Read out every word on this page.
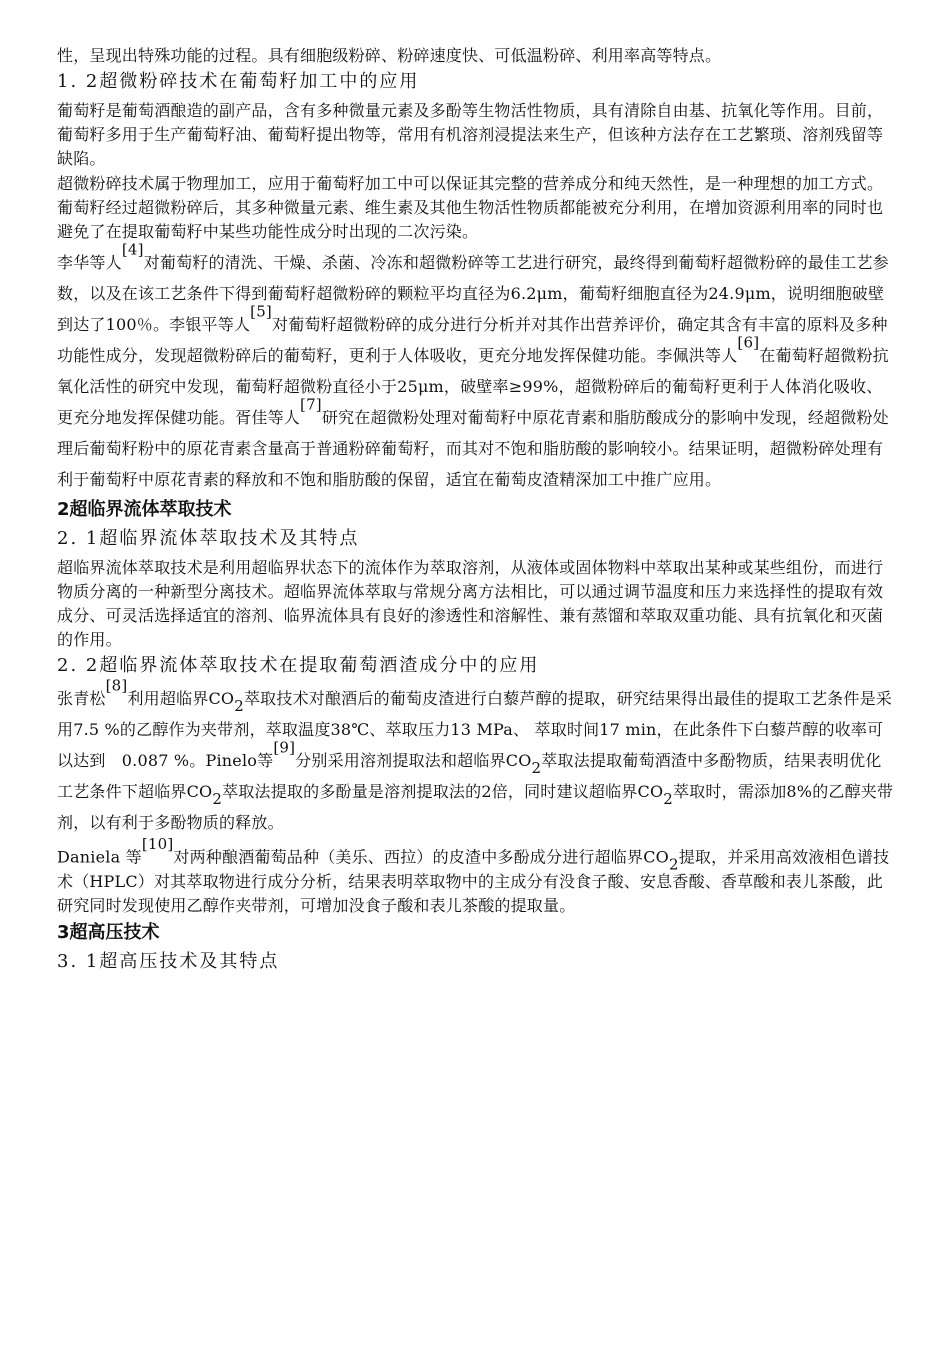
性，呈现出特殊功能的过程。具有细胞级粉碎、粉碎速度快、可低温粉碎、利用率高等特点。

1. 2超微粉碎技术在葡萄籽加工中的应用

葡萄籽是葡萄酒酿造的副产品，含有多种微量元素及多酚等生物活性物质，具有清除自由基、抗氧化等作用。目前，葡萄籽多用于生产葡萄籽油、葡萄籽提出物等，常用有机溶剂浸提法来生产，但该种方法存在工艺繁琐、溶剂残留等缺陷。

超微粉碎技术属于物理加工，应用于葡萄籽加工中可以保证其完整的营养成分和纯天然性，是一种理想的加工方式。葡萄籽经过超微粉碎后，其多种微量元素、维生素及其他生物活性物质都能被充分利用，在增加资源利用率的同时也避免了在提取葡萄籽中某些功能性成分时出现的二次污染。

李华等人[4]对葡萄籽的清洗、干燥、杀菌、冷冻和超微粉碎等工艺进行研究，最终得到葡萄籽超微粉碎的最佳工艺参数，以及在该工艺条件下得到葡萄籽超微粉碎的颗粒平均直径为6.2μm，葡萄籽细胞直径为24.9μm，说明细胞破壁到达了100％。李银平等人[5]对葡萄籽超微粉碎的成分进行分析并对其作出营养评价，确定其含有丰富的原料及多种功能性成分，发现超微粉碎后的葡萄籽，更利于人体吸收，更充分地发挥保健功能。李佩洪等人[6]在葡萄籽超微粉抗氧化活性的研究中发现，葡萄籽超微粉直径小于25μm，破壁率≥99%，超微粉碎后的葡萄籽更利于人体消化吸收、更充分地发挥保健功能。胥佳等人[7]研究在超微粉处理对葡萄籽中原花青素和脂肪酸成分的影响中发现，经超微粉处理后葡萄籽粉中的原花青素含量高于普通粉碎葡萄籽，而其对不饱和脂肪酸的影响较小。结果证明，超微粉碎处理有利于葡萄籽中原花青素的释放和不饱和脂肪酸的保留，适宜在葡萄皮渣精深加工中推广应用。

2超临界流体萃取技术
2. 1超临界流体萃取技术及其特点

超临界流体萃取技术是利用超临界状态下的流体作为萃取溶剂，从液体或固体物料中萃取出某种或某些组份，而进行物质分离的一种新型分离技术。超临界流体萃取与常规分离方法相比，可以通过调节温度和压力来选择性的提取有效成分、可灵活选择适宜的溶剂、临界流体具有良好的渗透性和溶解性、兼有蒸馏和萃取双重功能、具有抗氧化和灭菌的作用。

2. 2超临界流体萃取技术在提取葡萄酒渣成分中的应用

张青松[8]利用超临界$CO_2$萃取技术对酿酒后的葡萄皮渣进行白藜芦醇的提取，研究结果得出最佳的提取工艺条件是采用7.5 %的乙醇作为夹带剂，萃取温度38℃、萃取压力13 MPa、 萃取时间17 min，在此条件下白藜芦醇的收率可以达到　0.087 %。Pinelo等[9]分别采用溶剂提取法和超临界$CO_2$萃取法提取葡萄酒渣中多酚物质，结果表明优化工艺条件下超临界$CO_2$萃取法提取的多酚量是溶剂提取法的2倍，同时建议超临界$CO_2$萃取时，需添加8%的乙醇夹带剂，以有利于多酚物质的释放。

Daniela 等[10]对两种酿酒葡萄品种（美乐、西拉）的皮渣中多酚成分进行超临界$CO_2$提取，并采用高效液相色谱技术（HPLC）对其萃取物进行成分分析，结果表明萃取物中的主成分有没食子酸、安息香酸、香草酸和表儿茶酸，此研究同时发现使用乙醇作夹带剂，可增加没食子酸和表儿茶酸的提取量。

3超高压技术
3. 1超高压技术及其特点
